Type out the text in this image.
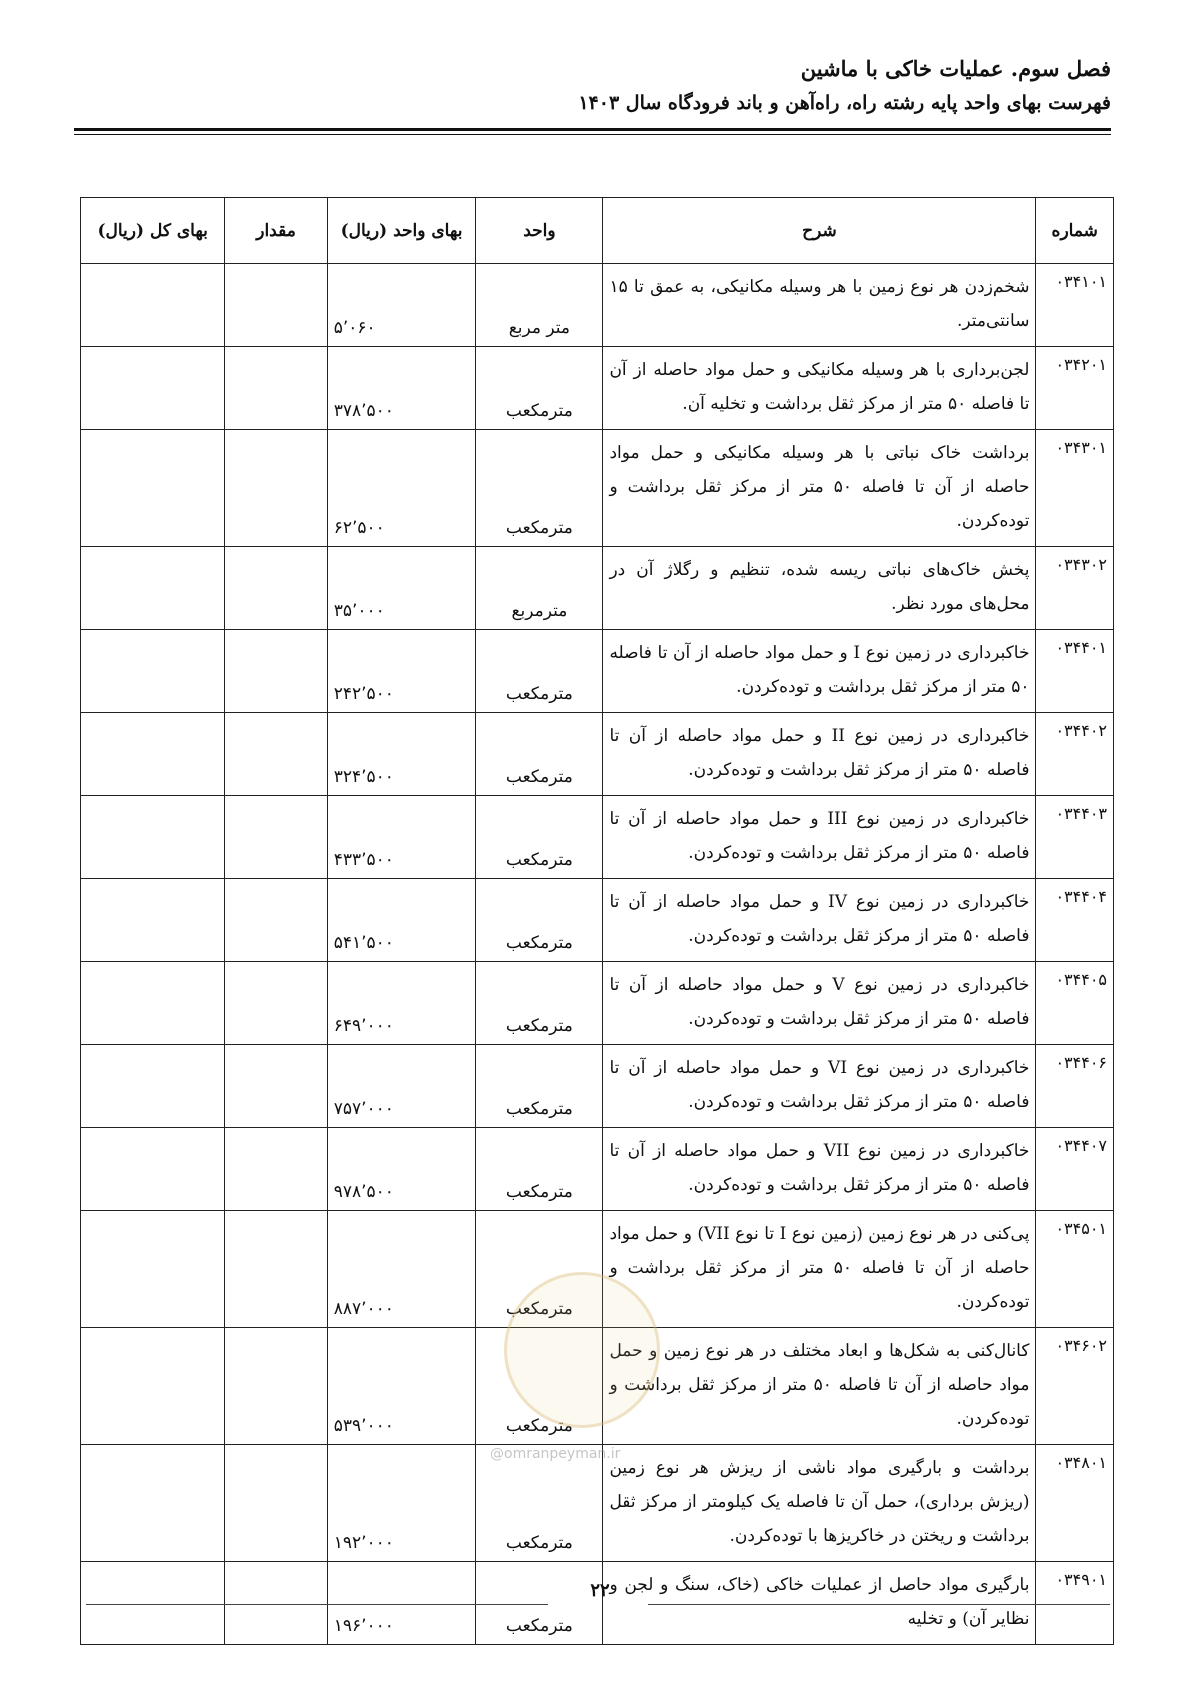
فصل سوم. عملیات خاکی با ماشین
فهرست بهای واحد پایه رشته راه، راه‌آهن و باند فرودگاه سال ۱۴۰۳
شماره	شرح	واحد	بهای واحد (ریال)	مقدار	بهای کل (ریال)
۰۳۴۱۰۱	شخم‌زدن هر نوع زمین با هر وسیله مکانیکی، به عمق تا ۱۵ سانتی‌متر.	متر مربع	۵٬۰۶۰		
۰۳۴۲۰۱	لجن‌برداری با هر وسیله مکانیکی و حمل مواد حاصله از آن تا فاصله ۵۰ متر از مرکز ثقل برداشت و تخلیه آن.	مترمکعب	۳۷۸٬۵۰۰		
۰۳۴۳۰۱	برداشت خاک نباتی با هر وسیله مکانیکی و حمل مواد حاصله از آن تا فاصله ۵۰ متر از مرکز ثقل برداشت و توده‌کردن.	مترمکعب	۶۲٬۵۰۰		
۰۳۴۳۰۲	پخش خاک‌های نباتی ریسه شده، تنظیم و رگلاژ آن در محل‌های مورد نظر.	مترمربع	۳۵٬۰۰۰		
۰۳۴۴۰۱	خاکبرداری در زمین نوع I و حمل مواد حاصله از آن تا فاصله ۵۰ متر از مرکز ثقل برداشت و توده‌کردن.	مترمکعب	۲۴۲٬۵۰۰		
۰۳۴۴۰۲	خاکبرداری در زمین نوع II و حمل مواد حاصله از آن تا فاصله ۵۰ متر از مرکز ثقل برداشت و توده‌کردن.	مترمکعب	۳۲۴٬۵۰۰		
۰۳۴۴۰۳	خاکبرداری در زمین نوع III و حمل مواد حاصله از آن تا فاصله ۵۰ متر از مرکز ثقل برداشت و توده‌کردن.	مترمکعب	۴۳۳٬۵۰۰		
۰۳۴۴۰۴	خاکبرداری در زمین نوع IV و حمل مواد حاصله از آن تا فاصله ۵۰ متر از مرکز ثقل برداشت و توده‌کردن.	مترمکعب	۵۴۱٬۵۰۰		
۰۳۴۴۰۵	خاکبرداری در زمین نوع V و حمل مواد حاصله از آن تا فاصله ۵۰ متر از مرکز ثقل برداشت و توده‌کردن.	مترمکعب	۶۴۹٬۰۰۰		
۰۳۴۴۰۶	خاکبرداری در زمین نوع VI و حمل مواد حاصله از آن تا فاصله ۵۰ متر از مرکز ثقل برداشت و توده‌کردن.	مترمکعب	۷۵۷٬۰۰۰		
۰۳۴۴۰۷	خاکبرداری در زمین نوع VII و حمل مواد حاصله از آن تا فاصله ۵۰ متر از مرکز ثقل برداشت و توده‌کردن.	مترمکعب	۹۷۸٬۵۰۰		
۰۳۴۵۰۱	پی‌کنی در هر نوع زمین (زمین نوع I تا نوع VII) و حمل مواد حاصله از آن تا فاصله ۵۰ متر از مرکز ثقل برداشت و توده‌کردن.	مترمکعب	۸۸۷٬۰۰۰		
۰۳۴۶۰۲	کانال‌کنی به شکل‌ها و ابعاد مختلف در هر نوع زمین و حمل مواد حاصله از آن تا فاصله ۵۰ متر از مرکز ثقل برداشت و توده‌کردن.	مترمکعب	۵۳۹٬۰۰۰		
۰۳۴۸۰۱	برداشت و بارگیری مواد ناشی از ریزش هر نوع زمین (ریزش برداری)، حمل آن تا فاصله یک کیلومتر از مرکز ثقل برداشت و ریختن در خاکریزها با توده‌کردن.	مترمکعب	۱۹۲٬۰۰۰		
۰۳۴۹۰۱	بارگیری مواد حاصل از عملیات خاکی (خاک، سنگ و لجن و نظایر آن) و تخلیه	مترمکعب	۱۹۶٬۰۰۰		
@omranpeyman.ir
۲۲
